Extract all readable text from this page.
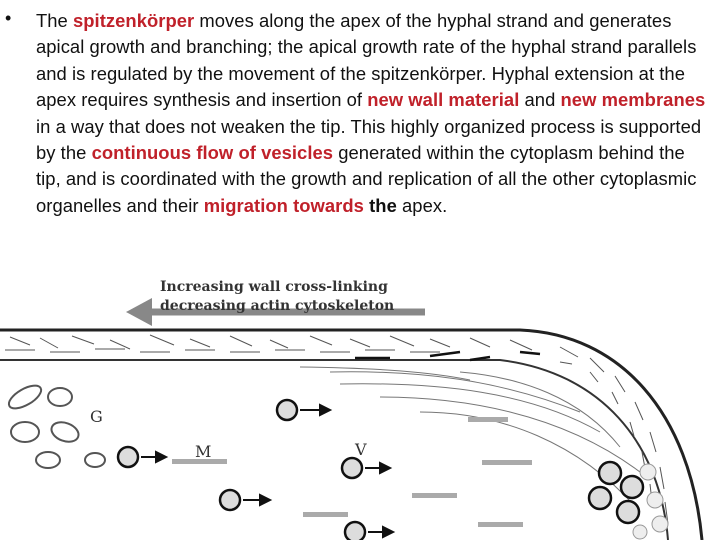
• The spitzenkörper moves along the apex of the hyphal strand and generates apical growth and branching; the apical growth rate of the hyphal strand parallels and is regulated by the movement of the spitzenkörper. Hyphal extension at the apex requires synthesis and insertion of new wall material and new membranes in a way that does not weaken the tip. This highly organized process is supported by the continuous flow of vesicles generated within the cytoplasm behind the tip, and is coordinated with the growth and replication of all the other cytoplasmic organelles and their migration towards the apex.

Increasing wall cross-linking
decreasing actin cytoskeleton
G
M	V
